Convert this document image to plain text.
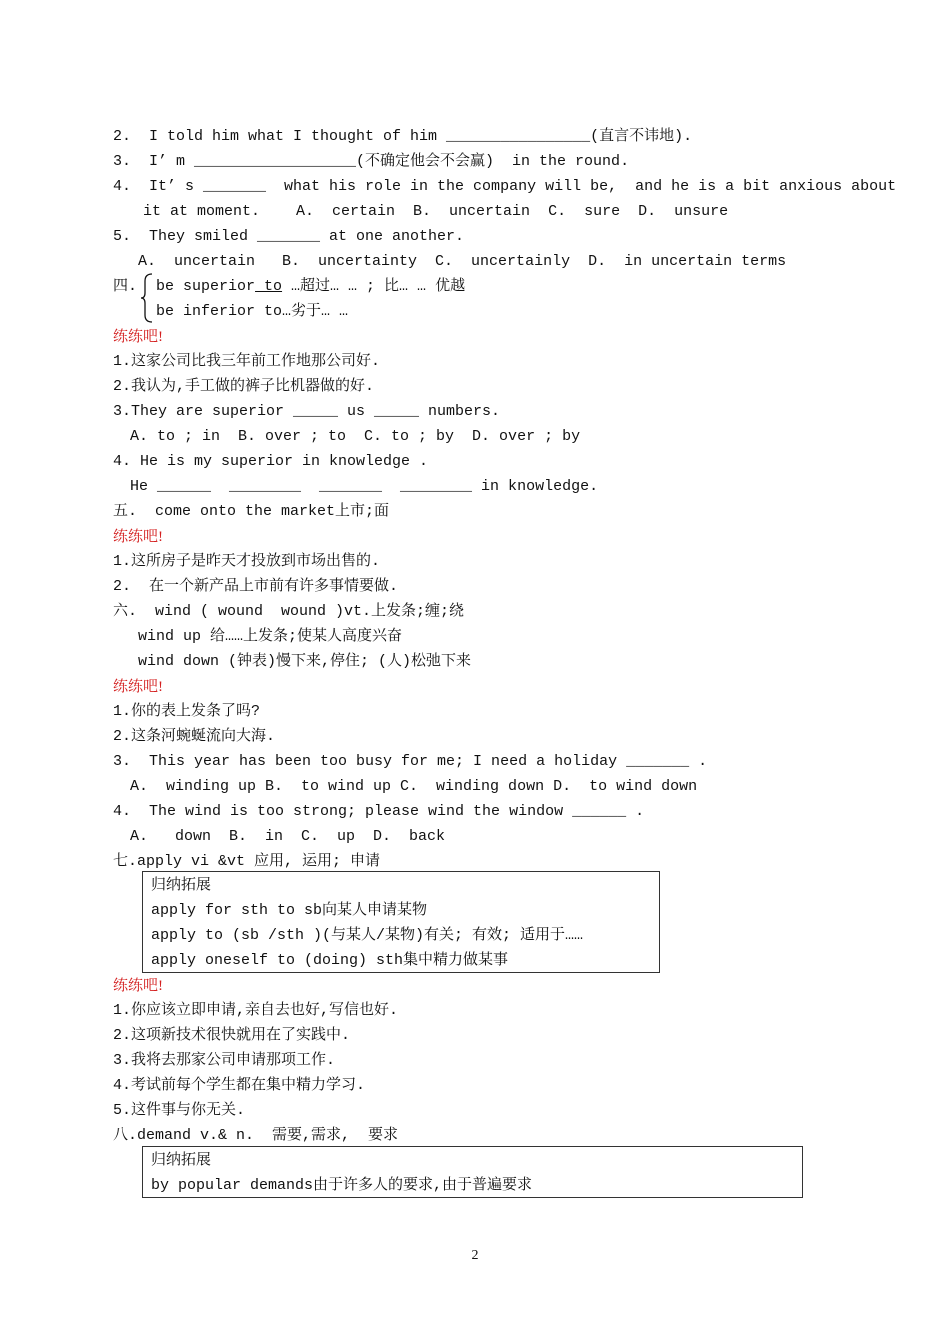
2.  I told him what I thought of him ________________(直言不讳地).
3.  I’ m __________________(不确定他会不会赢)  in the round.
4.  It’ s _______  what his role in the company will be,  and he is a bit anxious about
it at moment.    A.  certain  B.  uncertain  C.  sure  D.  unsure
5.  They smiled _______ at one another.
A.  uncertain   B.  uncertainty  C.  uncertainly  D.  in uncertain terms
四. be superior to …超过… … ; 比… … 优越
be inferior to…劣于… …
练练吧!
1.这家公司比我三年前工作地那公司好.
2.我认为,手工做的裤子比机器做的好.
3.They are superior _____ us _____ numbers.
A. to ; in  B. over ; to  C. to ; by  D. over ; by
4. He is my superior in knowledge .
He ______  ________  _______  ________ in knowledge.
五.  come onto the market上市;面
练练吧!
1.这所房子是昨天才投放到市场出售的.
2.  在一个新产品上市前有许多事情要做.
六.  wind ( wound  wound )vt.上发条;缠;绕
wind up 给……上发条;使某人高度兴奋
wind down (钟表)慢下来,停住; (人)松弛下来
练练吧!
1.你的表上发条了吗?
2.这条河蜿蜒流向大海.
3.  This year has been too busy for me; I need a holiday _______ .
A.  winding up B.  to wind up C.  winding down D.  to wind down
4.  The wind is too strong; please wind the window ______ .
A.   down  B.  in  C.  up  D.  back
七.apply vi &vt 应用, 运用; 申请
归纳拓展
apply for sth to sb向某人申请某物
apply to (sb /sth )(与某人/某物)有关; 有效; 适用于……
apply oneself to (doing) sth集中精力做某事
练练吧!
1.你应该立即申请,亲自去也好,写信也好.
2.这项新技术很快就用在了实践中.
3.我将去那家公司申请那项工作.
4.考试前每个学生都在集中精力学习.
5.这件事与你无关.
八.demand v.& n.  需要,需求,  要求
归纳拓展
by popular demands由于许多人的要求,由于普遍要求
2
